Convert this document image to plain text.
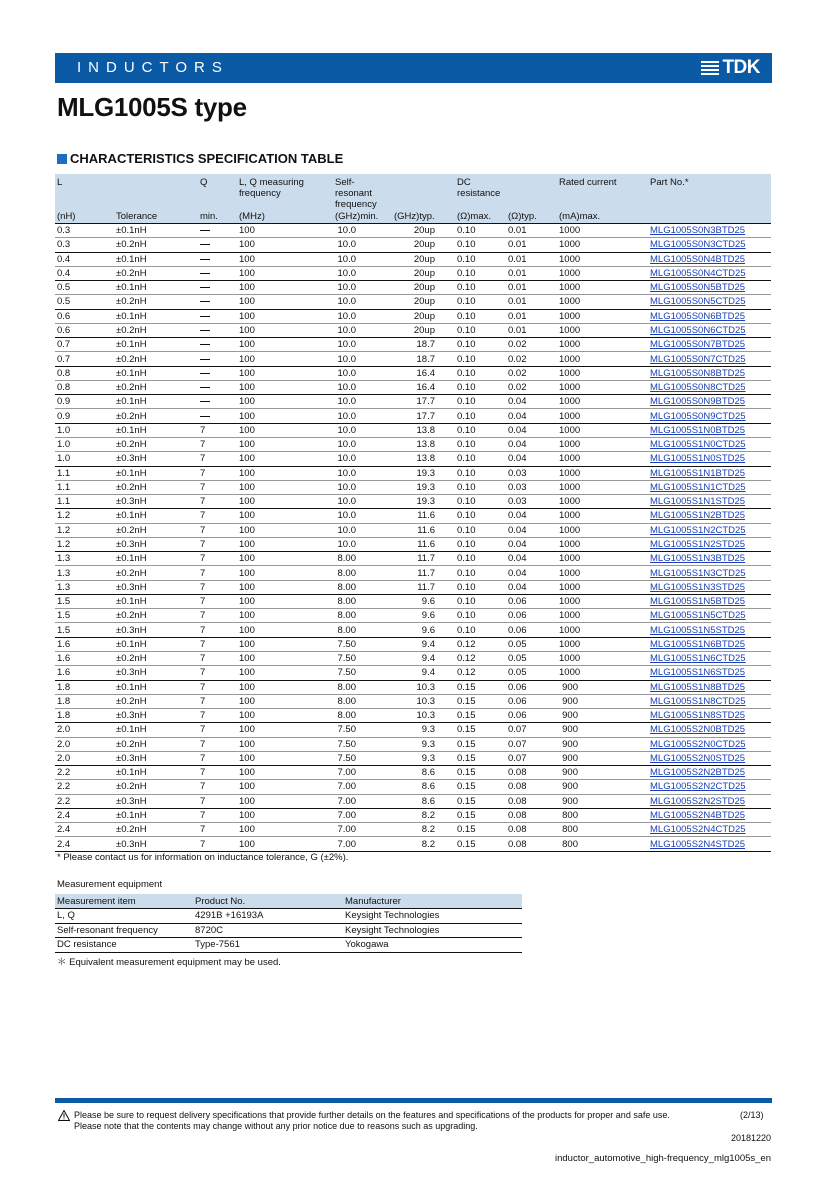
INDUCTORS	TDK
MLG1005S type
CHARACTERISTICS SPECIFICATION TABLE
L		Q	L, Q measuring frequency	Self-resonant frequency		DC resistance		Rated current	Part No.*
(nH)	Tolerance	min.	(MHz)	(GHz)min.	(GHz)typ.	(Ω)max.	(Ω)typ.	(mA)max.	
0.3	±0.1nH		100	10.0	20up	0.10	0.01	1000	MLG1005S0N3BTD25
0.3	±0.2nH		100	10.0	20up	0.10	0.01	1000	MLG1005S0N3CTD25
0.4	±0.1nH		100	10.0	20up	0.10	0.01	1000	MLG1005S0N4BTD25
0.4	±0.2nH		100	10.0	20up	0.10	0.01	1000	MLG1005S0N4CTD25
0.5	±0.1nH		100	10.0	20up	0.10	0.01	1000	MLG1005S0N5BTD25
0.5	±0.2nH		100	10.0	20up	0.10	0.01	1000	MLG1005S0N5CTD25
0.6	±0.1nH		100	10.0	20up	0.10	0.01	1000	MLG1005S0N6BTD25
0.6	±0.2nH		100	10.0	20up	0.10	0.01	1000	MLG1005S0N6CTD25
0.7	±0.1nH		100	10.0	18.7	0.10	0.02	1000	MLG1005S0N7BTD25
0.7	±0.2nH		100	10.0	18.7	0.10	0.02	1000	MLG1005S0N7CTD25
0.8	±0.1nH		100	10.0	16.4	0.10	0.02	1000	MLG1005S0N8BTD25
0.8	±0.2nH		100	10.0	16.4	0.10	0.02	1000	MLG1005S0N8CTD25
0.9	±0.1nH		100	10.0	17.7	0.10	0.04	1000	MLG1005S0N9BTD25
0.9	±0.2nH		100	10.0	17.7	0.10	0.04	1000	MLG1005S0N9CTD25
1.0	±0.1nH	7	100	10.0	13.8	0.10	0.04	1000	MLG1005S1N0BTD25
1.0	±0.2nH	7	100	10.0	13.8	0.10	0.04	1000	MLG1005S1N0CTD25
1.0	±0.3nH	7	100	10.0	13.8	0.10	0.04	1000	MLG1005S1N0STD25
1.1	±0.1nH	7	100	10.0	19.3	0.10	0.03	1000	MLG1005S1N1BTD25
1.1	±0.2nH	7	100	10.0	19.3	0.10	0.03	1000	MLG1005S1N1CTD25
1.1	±0.3nH	7	100	10.0	19.3	0.10	0.03	1000	MLG1005S1N1STD25
1.2	±0.1nH	7	100	10.0	11.6	0.10	0.04	1000	MLG1005S1N2BTD25
1.2	±0.2nH	7	100	10.0	11.6	0.10	0.04	1000	MLG1005S1N2CTD25
1.2	±0.3nH	7	100	10.0	11.6	0.10	0.04	1000	MLG1005S1N2STD25
1.3	±0.1nH	7	100	8.00	11.7	0.10	0.04	1000	MLG1005S1N3BTD25
1.3	±0.2nH	7	100	8.00	11.7	0.10	0.04	1000	MLG1005S1N3CTD25
1.3	±0.3nH	7	100	8.00	11.7	0.10	0.04	1000	MLG1005S1N3STD25
1.5	±0.1nH	7	100	8.00	9.6	0.10	0.06	1000	MLG1005S1N5BTD25
1.5	±0.2nH	7	100	8.00	9.6	0.10	0.06	1000	MLG1005S1N5CTD25
1.5	±0.3nH	7	100	8.00	9.6	0.10	0.06	1000	MLG1005S1N5STD25
1.6	±0.1nH	7	100	7.50	9.4	0.12	0.05	1000	MLG1005S1N6BTD25
1.6	±0.2nH	7	100	7.50	9.4	0.12	0.05	1000	MLG1005S1N6CTD25
1.6	±0.3nH	7	100	7.50	9.4	0.12	0.05	1000	MLG1005S1N6STD25
1.8	±0.1nH	7	100	8.00	10.3	0.15	0.06	900	MLG1005S1N8BTD25
1.8	±0.2nH	7	100	8.00	10.3	0.15	0.06	900	MLG1005S1N8CTD25
1.8	±0.3nH	7	100	8.00	10.3	0.15	0.06	900	MLG1005S1N8STD25
2.0	±0.1nH	7	100	7.50	9.3	0.15	0.07	900	MLG1005S2N0BTD25
2.0	±0.2nH	7	100	7.50	9.3	0.15	0.07	900	MLG1005S2N0CTD25
2.0	±0.3nH	7	100	7.50	9.3	0.15	0.07	900	MLG1005S2N0STD25
2.2	±0.1nH	7	100	7.00	8.6	0.15	0.08	900	MLG1005S2N2BTD25
2.2	±0.2nH	7	100	7.00	8.6	0.15	0.08	900	MLG1005S2N2CTD25
2.2	±0.3nH	7	100	7.00	8.6	0.15	0.08	900	MLG1005S2N2STD25
2.4	±0.1nH	7	100	7.00	8.2	0.15	0.08	800	MLG1005S2N4BTD25
2.4	±0.2nH	7	100	7.00	8.2	0.15	0.08	800	MLG1005S2N4CTD25
2.4	±0.3nH	7	100	7.00	8.2	0.15	0.08	800	MLG1005S2N4STD25
* Please contact us for information on inductance tolerance, G (±2%).
Measurement equipment
Measurement item	Product No.	Manufacturer
L, Q	4291B +16193A	Keysight Technologies
Self-resonant frequency	8720C	Keysight Technologies
DC resistance	Type-7561	Yokogawa
＊ Equivalent measurement equipment may be used.
Please be sure to request delivery specifications that provide further details on the features and specifications of the products for proper and safe use.
Please note that the contents may change without any prior notice due to reasons such as upgrading.
(2/13)
20181220
inductor_automotive_high-frequency_mlg1005s_en
